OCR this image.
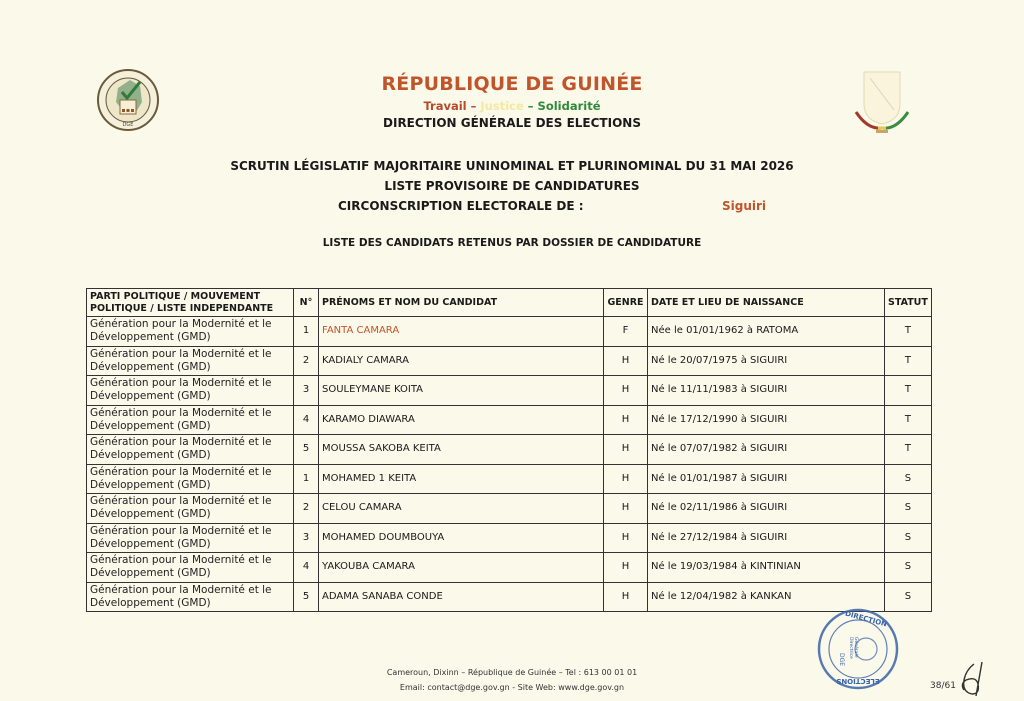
DGE
RÉPUBLIQUE DE GUINÉE
Travail – Justice – Solidarité
DIRECTION GÉNÉRALE DES ELECTIONS
SCRUTIN LÉGISLATIF MAJORITAIRE UNINOMINAL ET PLURINOMINAL DU 31 MAI 2026
LISTE PROVISOIRE DE CANDIDATURES
CIRCONSCRIPTION ELECTORALE DE :	Siguiri
LISTE DES CANDIDATS RETENUS PAR DOSSIER DE CANDIDATURE
PARTI POLITIQUE / MOUVEMENT POLITIQUE / LISTE INDEPENDANTE	N°	PRÉNOMS ET NOM DU CANDIDAT	GENRE	DATE ET LIEU DE NAISSANCE	STATUT
Génération pour la Modernité et le Développement (GMD)	1	FANTA CAMARA	F	Née le 01/01/1962 à RATOMA	T
Génération pour la Modernité et le Développement (GMD)	2	KADIALY CAMARA	H	Né le 20/07/1975 à SIGUIRI	T
Génération pour la Modernité et le Développement (GMD)	3	SOULEYMANE KOITA	H	Né le 11/11/1983 à SIGUIRI	T
Génération pour la Modernité et le Développement (GMD)	4	KARAMO DIAWARA	H	Né le 17/12/1990 à SIGUIRI	T
Génération pour la Modernité et le Développement (GMD)	5	MOUSSA SAKOBA KEITA	H	Né le 07/07/1982 à SIGUIRI	T
Génération pour la Modernité et le Développement (GMD)	1	MOHAMED 1 KEITA	H	Né le 01/01/1987 à SIGUIRI	S
Génération pour la Modernité et le Développement (GMD)	2	CELOU CAMARA	H	Né le 02/11/1986 à SIGUIRI	S
Génération pour la Modernité et le Développement (GMD)	3	MOHAMED DOUMBOUYA	H	Né le 27/12/1984 à SIGUIRI	S
Génération pour la Modernité et le Développement (GMD)	4	YAKOUBA CAMARA	H	Né le 19/03/1984 à KINTINIAN	S
Génération pour la Modernité et le Développement (GMD)	5	ADAMA SANABA CONDE	H	Né le 12/04/1982 à KANKAN	S
DIRECTION
DGE
Directrice Générale
ELECTIONS
Cameroun, Dixinn – République de Guinée – Tel : 613 00 01 01
Email: contact@dge.gov.gn - Site Web: www.dge.gov.gn	38/61
